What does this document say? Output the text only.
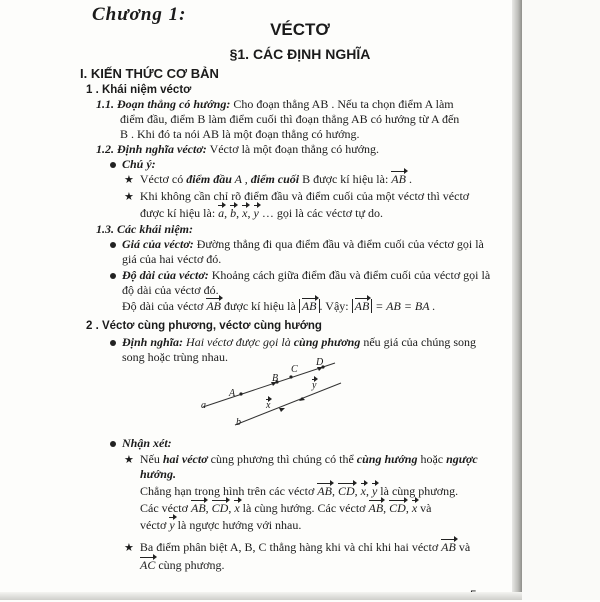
Chương 1:
VÉCTƠ
§1. CÁC ĐỊNH NGHĨA
I. KIẾN THỨC CƠ BẢN
1 . Khái niệm véctơ
1.1. Đoạn thẳng có hướng: Cho đoạn thẳng AB . Nếu ta chọn điểm A làm
điểm đầu, điểm B làm điểm cuối thì đoạn thẳng AB có hướng từ A đến
B . Khi đó ta nói AB là một đoạn thẳng có hướng.
1.2. Định nghĩa véctơ: Véctơ là một đoạn thẳng có hướng.
Chú ý:
★ Véctơ có điểm đầu A , điểm cuối B được kí hiệu là: AB .
★ Khi không cần chỉ rõ điểm đầu và điểm cuối của một véctơ thì véctơ
được kí hiệu là: a, b, x, y … gọi là các véctơ tự do.
1.3. Các khái niệm:
Giá của véctơ: Đường thẳng đi qua điểm đầu và điểm cuối của véctơ gọi là
giá của hai véctơ đó.
Độ dài của véctơ: Khoảng cách giữa điểm đầu và điểm cuối của véctơ gọi là
độ dài của véctơ đó.
Độ dài của véctơ AB được kí hiệu là AB . Vậy: AB = AB = BA .
2 . Véctơ cùng phương, véctơ cùng hướng
Định nghĩa: Hai véctơ được gọi là cùng phương nếu giá của chúng song
song hoặc trùng nhau.
a
b
A
B
C
D
x
y
Nhận xét:
★ Nếu hai véctơ cùng phương thì chúng có thể cùng hướng hoặc ngược
hướng.
Chẳng hạn trong hình trên các véctơ AB, CD, x, y là cùng phương.
Các véctơ AB, CD, x là cùng hướng. Các véctơ AB, CD, x và
véctơ y là ngược hướng với nhau.
★ Ba điểm phân biệt A, B, C thẳng hàng khi và chỉ khi hai véctơ AB và
AC cùng phương.
